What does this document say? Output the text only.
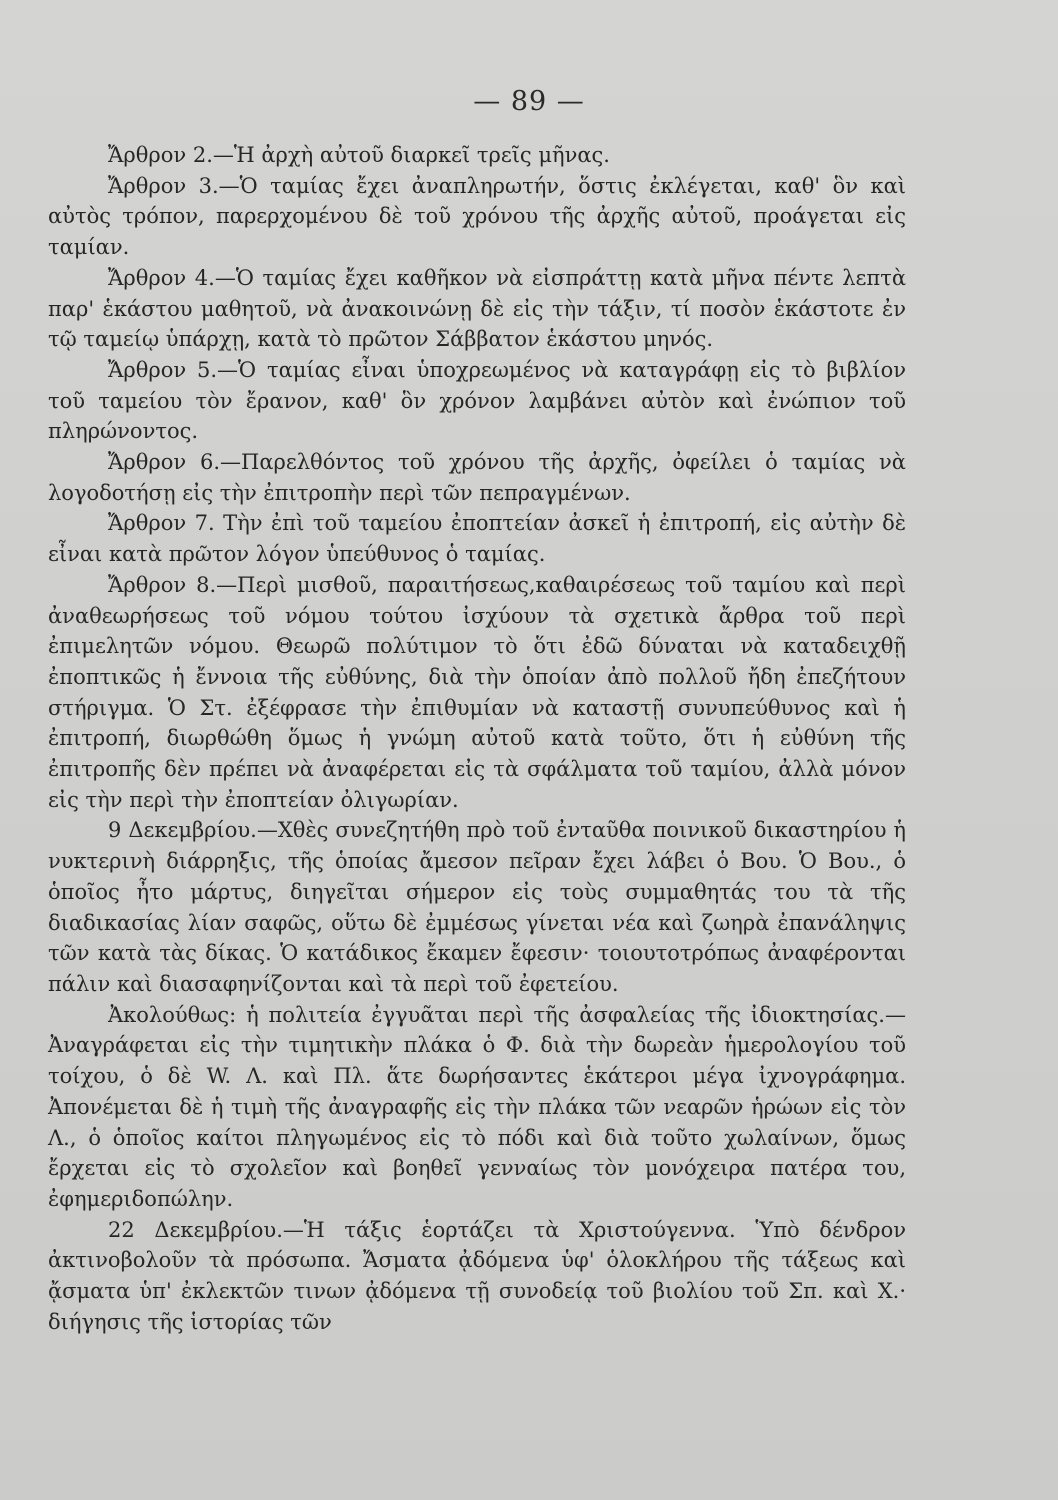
— 89 —

Ἄρθρον 2.—Ἡ ἀρχὴ αὐτοῦ διαρκεῖ τρεῖς μῆνας.

Ἄρθρον 3.—Ὁ ταμίας ἔχει ἀναπληρωτήν, ὅστις ἐκλέγεται, καθ' ὃν καὶ αὐτὸς τρόπον, παρερχομένου δὲ τοῦ χρόνου τῆς ἀρχῆς αὐτοῦ, προάγεται εἰς ταμίαν.

Ἄρθρον 4.—Ὁ ταμίας ἔχει καθῆκον νὰ εἰσπράττῃ κατὰ μῆνα πέντε λεπτὰ παρ' ἑκάστου μαθητοῦ, νὰ ἀνακοινώνῃ δὲ εἰς τὴν τάξιν, τί ποσὸν ἑκάστοτε ἐν τῷ ταμείῳ ὑπάρχῃ, κατὰ τὸ πρῶτον Σάββατον ἑκάστου μηνός.

Ἄρθρον 5.—Ὁ ταμίας εἶναι ὑποχρεωμένος νὰ καταγράφῃ εἰς τὸ βιβλίον τοῦ ταμείου τὸν ἔρανον, καθ' ὃν χρόνον λαμβάνει αὐτὸν καὶ ἐνώπιον τοῦ πληρώνοντος.

Ἄρθρον 6.—Παρελθόντος τοῦ χρόνου τῆς ἀρχῆς, ὀφείλει ὁ ταμίας νὰ λογοδοτήσῃ εἰς τὴν ἐπιτροπὴν περὶ τῶν πεπραγμένων.

Ἄρθρον 7. Τὴν ἐπὶ τοῦ ταμείου ἐποπτείαν ἀσκεῖ ἡ ἐπιτροπή, εἰς αὐτὴν δὲ εἶναι κατὰ πρῶτον λόγον ὑπεύθυνος ὁ ταμίας.

Ἄρθρον 8.—Περὶ μισθοῦ, παραιτήσεως,καθαιρέσεως τοῦ ταμίου καὶ περὶ ἀναθεωρήσεως τοῦ νόμου τούτου ἰσχύουν τὰ σχετικὰ ἄρθρα τοῦ περὶ ἐπιμελητῶν νόμου. Θεωρῶ πολύτιμον τὸ ὅτι ἐδῶ δύναται νὰ καταδειχθῇ ἐποπτικῶς ἡ ἔννοια τῆς εὐθύνης, διὰ τὴν ὁποίαν ἀπὸ πολλοῦ ἤδη ἐπεζήτουν στήριγμα. Ὁ Στ. ἐξέφρασε τὴν ἐπιθυμίαν νὰ καταστῇ συνυπεύθυνος καὶ ἡ ἐπιτροπή, διωρθώθη ὅμως ἡ γνώμη αὐτοῦ κατὰ τοῦτο, ὅτι ἡ εὐθύνη τῆς ἐπιτροπῆς δὲν πρέπει νὰ ἀναφέρεται εἰς τὰ σφάλματα τοῦ ταμίου, ἀλλὰ μόνον εἰς τὴν περὶ τὴν ἐποπτείαν ὀλιγωρίαν.

9 Δεκεμβρίου.—Χθὲς συνεζητήθη πρὸ τοῦ ἐνταῦθα ποινικοῦ δικαστηρίου ἡ νυκτερινὴ διάρρηξις, τῆς ὁποίας ἄμεσον πεῖραν ἔχει λάβει ὁ Βου. Ὁ Βου., ὁ ὁποῖος ἦτο μάρτυς, διηγεῖται σήμερον εἰς τοὺς συμμαθητάς του τὰ τῆς διαδικασίας λίαν σαφῶς, οὕτω δὲ ἐμμέσως γίνεται νέα καὶ ζωηρὰ ἐπανάληψις τῶν κατὰ τὰς δίκας. Ὁ κατάδικος ἔκαμεν ἔφεσιν· τοιουτοτρόπως ἀναφέρονται πάλιν καὶ διασαφηνίζονται καὶ τὰ περὶ τοῦ ἐφετείου.

Ἀκολούθως: ἡ πολιτεία ἐγγυᾶται περὶ τῆς ἀσφαλείας τῆς ἰδιοκτησίας.—Ἀναγράφεται εἰς τὴν τιμητικὴν πλάκα ὁ Φ. διὰ τὴν δωρεὰν ἡμερολογίου τοῦ τοίχου, ὁ δὲ W. Λ. καὶ Πλ. ἅτε δωρήσαντες ἑκάτεροι μέγα ἰχνογράφημα. Ἀπονέμεται δὲ ἡ τιμὴ τῆς ἀναγραφῆς εἰς τὴν πλάκα τῶν νεαρῶν ἡρώων εἰς τὸν Λ., ὁ ὁποῖος καίτοι πληγωμένος εἰς τὸ πόδι καὶ διὰ τοῦτο χωλαίνων, ὅμως ἔρχεται εἰς τὸ σχολεῖον καὶ βοηθεῖ γενναίως τὸν μονόχειρα πατέρα του, ἐφημεριδοπώλην.

22 Δεκεμβρίου.—Ἡ τάξις ἑορτάζει τὰ Χριστούγεννα. Ὑπὸ δένδρον ἀκτινοβολοῦν τὰ πρόσωπα. Ἄσματα ᾀδόμενα ὑφ' ὁλοκλήρου τῆς τάξεως καὶ ᾄσματα ὑπ' ἐκλεκτῶν τινων ᾀδόμενα τῇ συνοδείᾳ τοῦ βιολίου τοῦ Σπ. καὶ Χ.· διήγησις τῆς ἱστορίας τῶν
